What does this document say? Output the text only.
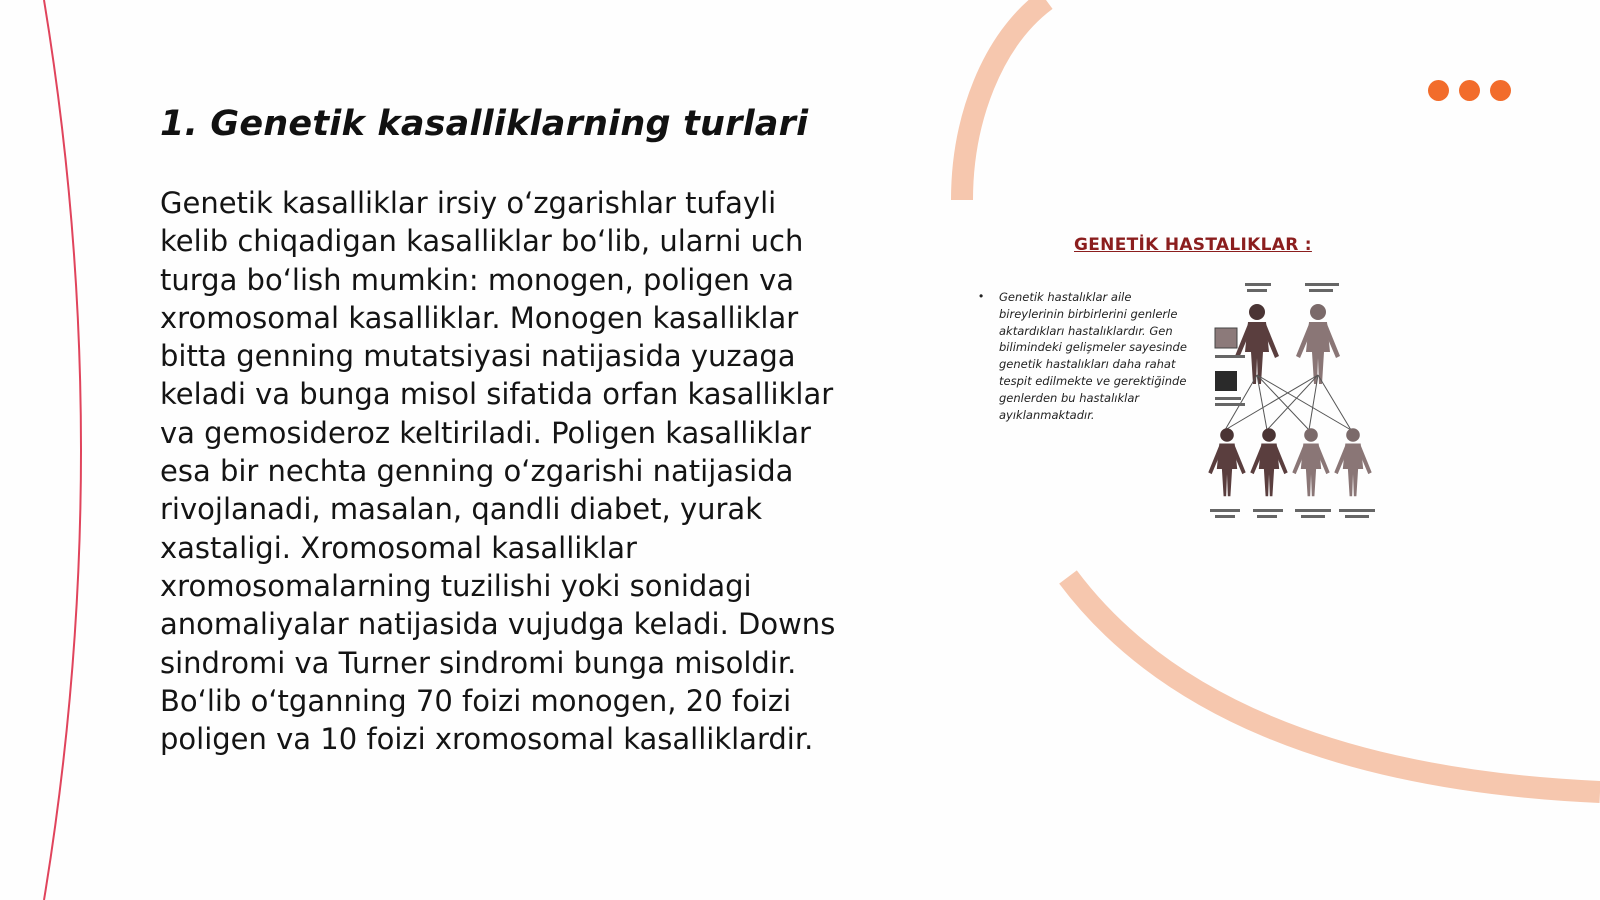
1. Genetik kasalliklarning turlari

Genetik kasalliklar irsiy o‘zgarishlar tufayli kelib chiqadigan kasalliklar bo‘lib, ularni uch turga bo‘lish mumkin: monogen, poligen va xromosomal kasalliklar. Monogen kasalliklar bitta genning mutatsiyasi natijasida yuzaga keladi va bunga misol sifatida orfan kasalliklar va gemosideroz keltiriladi. Poligen kasalliklar esa bir nechta genning o‘zgarishi natijasida rivojlanadi, masalan, qandli diabet, yurak xastaligi. Xromosomal kasalliklar xromosomalarning tuzilishi yoki sonidagi anomaliyalar natijasida vujudga keladi. Downs sindromi va Turner sindromi bunga misoldir. Bo‘lib o‘tganning 70 foizi monogen, 20 foizi poligen va 10 foizi xromosomal kasalliklardir.

GENETİK HASTALIKLAR :
• Genetik hastalıklar aile bireylerinin birbirlerini genlerle aktardıkları hastalıklardır. Gen bilimindeki gelişmeler sayesinde genetik hastalıkları daha rahat tespit edilmekte ve gerektiğinde genlerden bu hastalıklar ayıklanmaktadır.
